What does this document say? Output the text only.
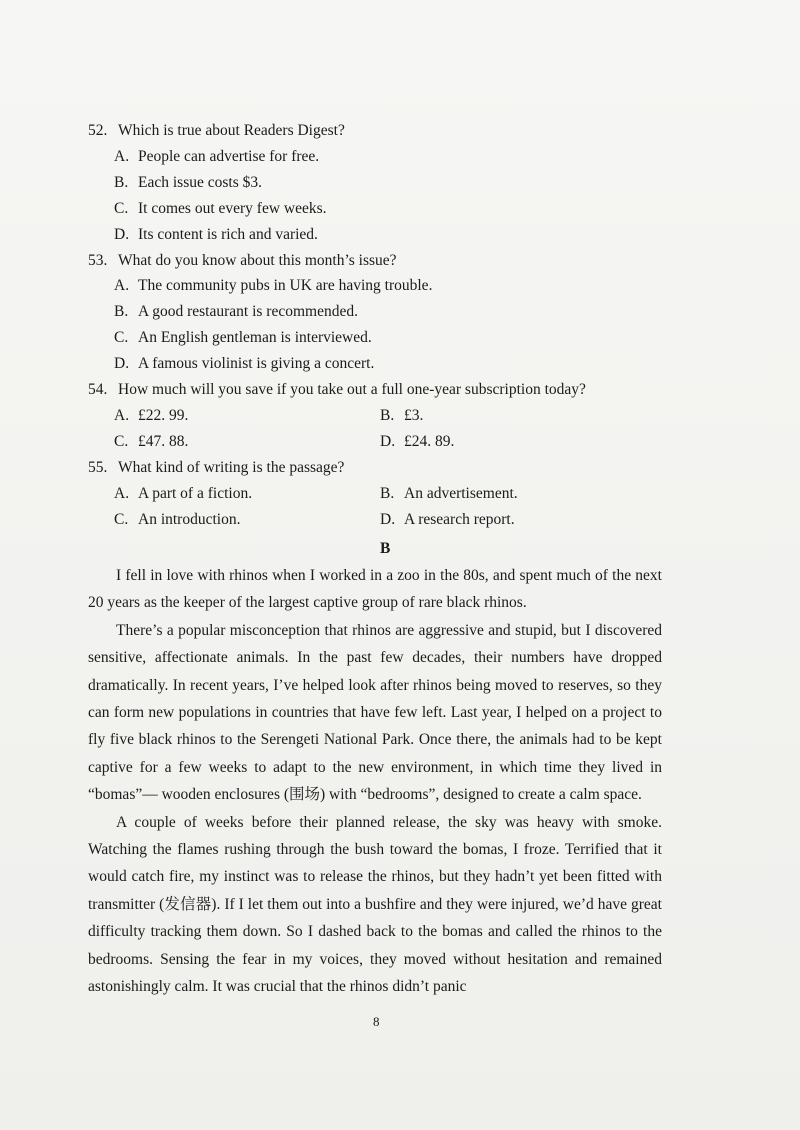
52. Which is true about Readers Digest?
A. People can advertise for free.
B. Each issue costs $3.
C. It comes out every few weeks.
D. Its content is rich and varied.
53. What do you know about this month’s issue?
A. The community pubs in UK are having trouble.
B. A good restaurant is recommended.
C. An English gentleman is interviewed.
D. A famous violinist is giving a concert.
54. How much will you save if you take out a full one-year subscription today?
A. £22. 99.	B. £3.
C. £47. 88.	D. £24. 89.
55. What kind of writing is the passage?
A. A part of a fiction.	B. An advertisement.
C. An introduction.	D. A research report.
B

I fell in love with rhinos when I worked in a zoo in the 80s, and spent much of the next 20 years as the keeper of the largest captive group of rare black rhinos.

There’s a popular misconception that rhinos are aggressive and stupid, but I discovered sensitive, affectionate animals. In the past few decades, their numbers have dropped dramatically. In recent years, I’ve helped look after rhinos being moved to reserves, so they can form new populations in countries that have few left. Last year, I helped on a project to fly five black rhinos to the Serengeti National Park. Once there, the animals had to be kept captive for a few weeks to adapt to the new environment, in which time they lived in “bomas”— wooden enclosures (围场) with “bedrooms”, designed to create a calm space.

A couple of weeks before their planned release, the sky was heavy with smoke. Watching the flames rushing through the bush toward the bomas, I froze. Terrified that it would catch fire, my instinct was to release the rhinos, but they hadn’t yet been fitted with transmitter (发信器). If I let them out into a bushfire and they were injured, we’d have great difficulty tracking them down. So I dashed back to the bomas and called the rhinos to the bedrooms. Sensing the fear in my voices, they moved without hesitation and remained astonishingly calm. It was crucial that the rhinos didn’t panic

8
